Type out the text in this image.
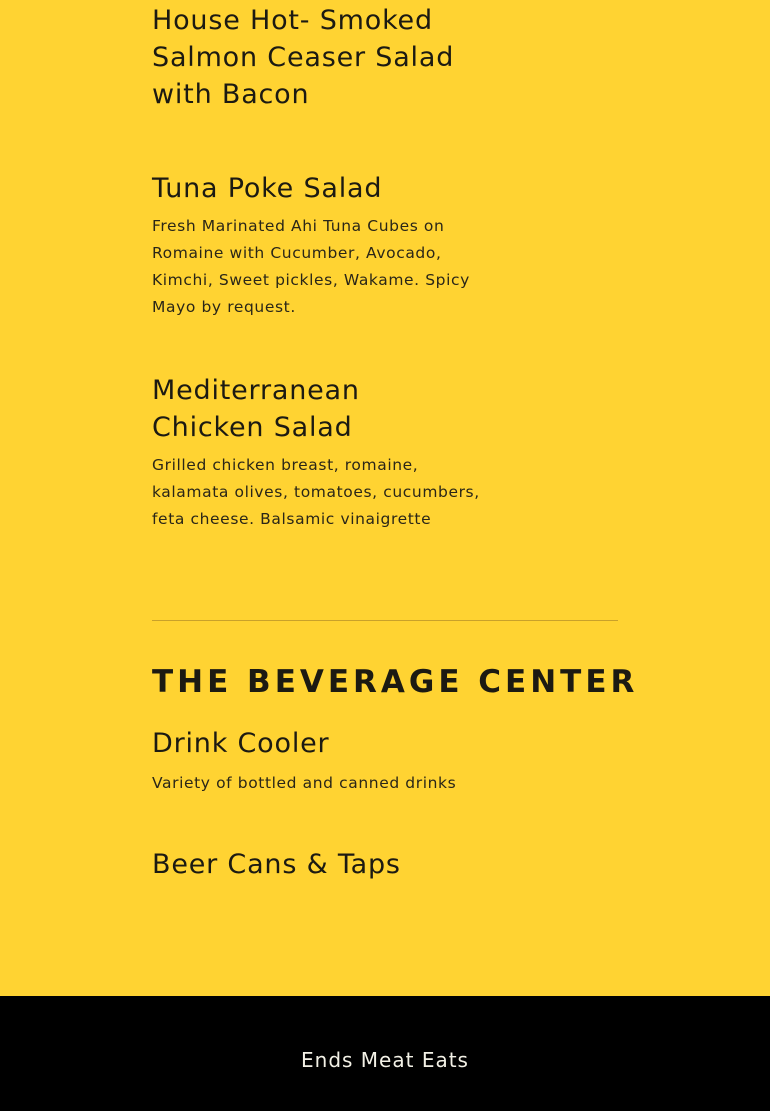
House Hot- Smoked
Salmon Ceaser Salad
with Bacon
Tuna Poke Salad

Fresh Marinated Ahi Tuna Cubes on Romaine with Cucumber, Avocado, Kimchi, Sweet pickles, Wakame. Spicy Mayo by request.

Mediterranean
Chicken Salad

Grilled chicken breast, romaine,
kalamata olives, tomatoes, cucumbers,
feta cheese. Balsamic vinaigrette

THE BEVERAGE CENTER
Drink Cooler

Variety of bottled and canned drinks

Beer Cans & Taps
Ends Meat Eats
